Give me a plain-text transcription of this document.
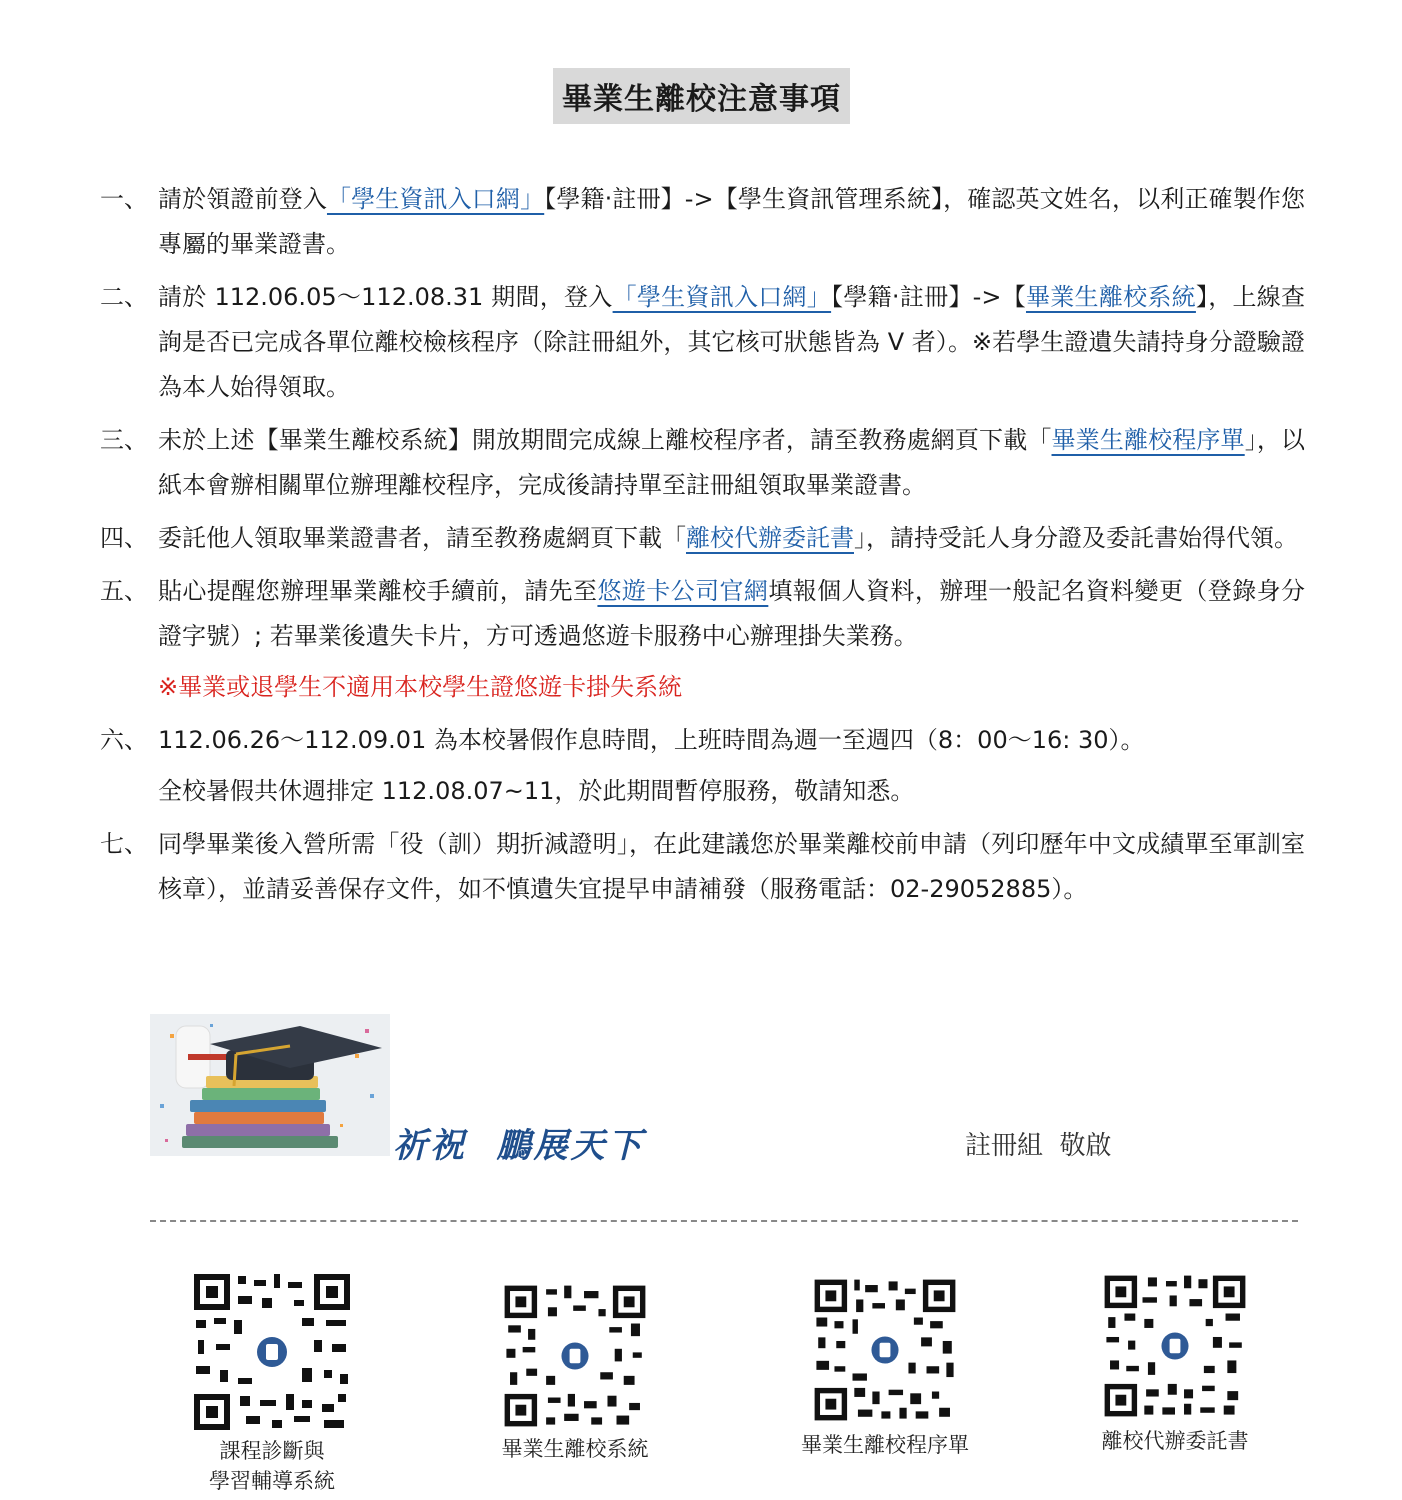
畢業生離校注意事項
一、 請於領證前登入「學生資訊入口網」【學籍‧註冊】->【學生資訊管理系統】，確認英文姓名，以利正確製作您專屬的畢業證書。
二、 請於 112.06.05～112.08.31 期間，登入「學生資訊入口網」【學籍‧註冊】->【畢業生離校系統】，上線查詢是否已完成各單位離校檢核程序（除註冊組外，其它核可狀態皆為 V 者）。※若學生證遺失請持身分證驗證為本人始得領取。
三、 未於上述【畢業生離校系統】開放期間完成線上離校程序者，請至教務處網頁下載「畢業生離校程序單」，以紙本會辦相關單位辦理離校程序，完成後請持單至註冊組領取畢業證書。
四、 委託他人領取畢業證書者，請至教務處網頁下載「離校代辦委託書」，請持受託人身分證及委託書始得代領。
五、 貼心提醒您辦理畢業離校手續前，請先至悠遊卡公司官網填報個人資料，辦理一般記名資料變更（登錄身分證字號）; 若畢業後遺失卡片，方可透過悠遊卡服務中心辦理掛失業務。
※畢業或退學生不適用本校學生證悠遊卡掛失系統
六、 112.06.26～112.09.01 為本校暑假作息時間，上班時間為週一至週四（8：00～16: 30）。
全校暑假共休週排定 112.08.07~11，於此期間暫停服務，敬請知悉。
七、 同學畢業後入營所需「役（訓）期折減證明」，在此建議您於畢業離校前申請（列印歷年中文成績單至軍訓室核章），並請妥善保存文件，如不慎遺失宜提早申請補發（服務電話：02-29052885）。
祈祝  鵬展天下	註冊組  敬啟
課程診斷與
學習輔導系統
畢業生離校系統	畢業生離校程序單	離校代辦委託書
